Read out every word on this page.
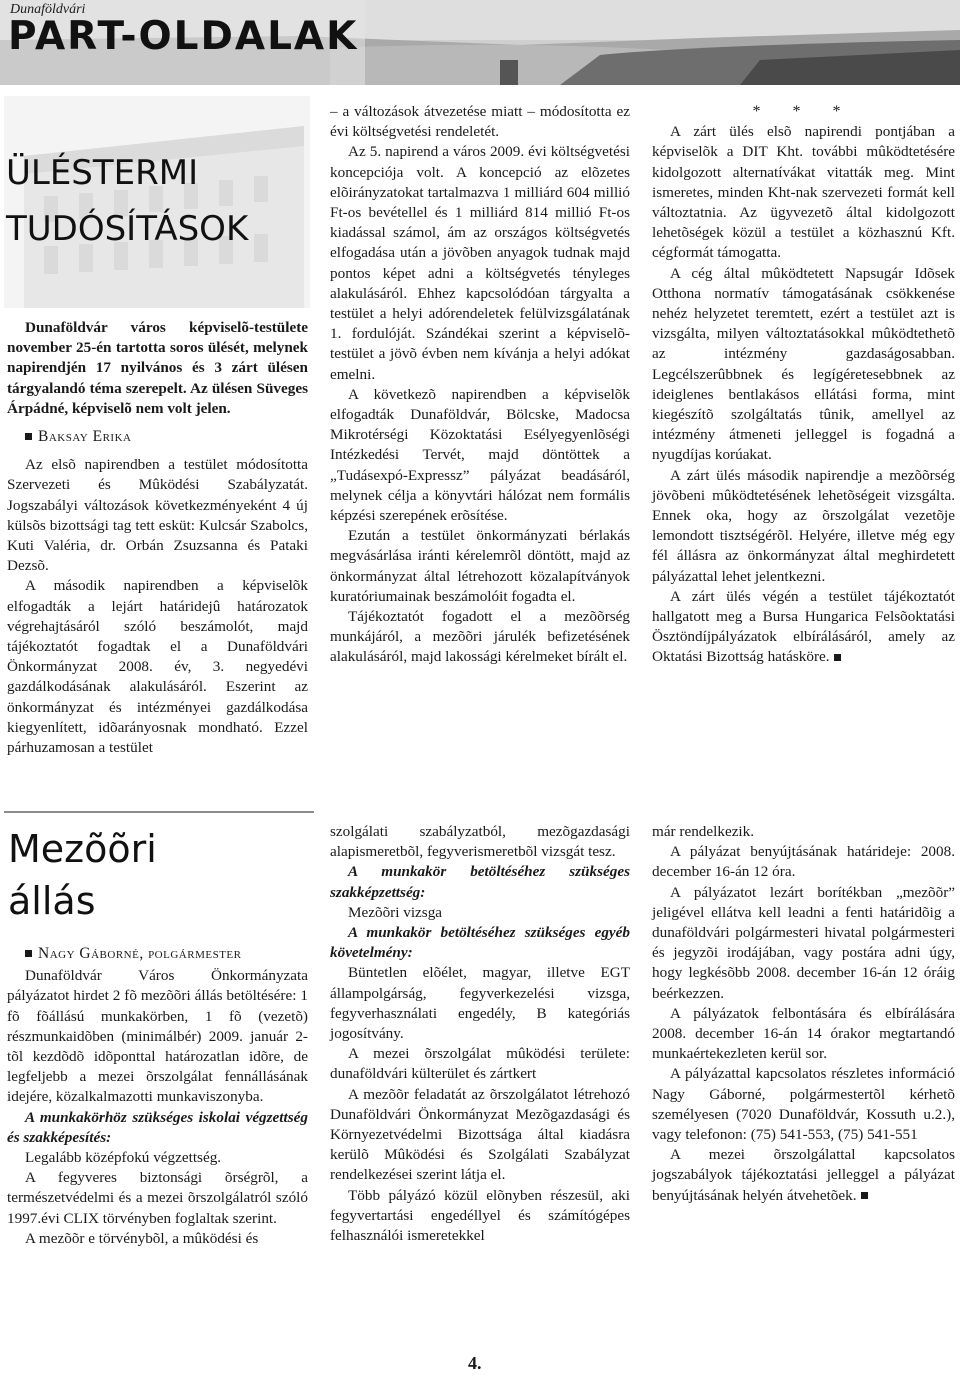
Dunaföldvári
PART-OLDALAK
ÜLÉSTERMI
TUDÓSÍTÁSOK

Dunaföldvár város képviselõ-testülete november 25-én tartotta soros ülését, melynek napirendjén 17 nyilvános és 3 zárt ülésen tárgyalandó téma szerepelt. Az ülésen Süveges Árpádné, képviselõ nem volt jelen.

Baksay Erika

Az elsõ napirendben a testület módosította Szervezeti és Mûködési Szabályzatát. Jogszabályi változások következményeként 4 új külsõs bizottsági tag tett esküt: Kulcsár Szabolcs, Kuti Valéria, dr. Orbán Zsuzsanna és Pataki Dezsõ.

A második napirendben a képviselõk elfogadták a lejárt határidejû határozatok végrehajtásáról szóló beszámolót, majd tájékoztatót fogadtak el a Dunaföldvári Önkormányzat 2008. év, 3. negyedévi gazdálkodásának alakulásáról. Eszerint az önkormányzat és intézményei gazdálkodása kiegyenlített, idõarányosnak mondható. Ezzel párhuzamosan a testület

– a változások átvezetése miatt – módosította ez évi költségvetési rendeletét.

Az 5. napirend a város 2009. évi költségvetési koncepciója volt. A koncepció az elõzetes elõirányzatokat tartalmazva 1 milliárd 604 millió Ft-os bevétellel és 1 milliárd 814 millió Ft-os kiadással számol, ám az országos költségvetés elfogadása után a jövõben anyagok tudnak majd pontos képet adni a költségvetés tényleges alakulásáról. Ehhez kapcsolódóan tárgyalta a testület a helyi adórendeletek felülvizsgálatának 1. fordulóját. Szándékai szerint a képviselõ-testület a jövõ évben nem kívánja a helyi adókat emelni.

A következõ napirendben a képviselõk elfogadták Dunaföldvár, Bölcske, Madocsa Mikrotérségi Közoktatási Esélyegyenlõségi Intézkedési Tervét, majd döntöttek a „Tudásexpó-Expressz” pályázat beadásáról, melynek célja a könyvtári hálózat nem formális képzési szerepének erõsítése.

Ezután a testület önkormányzati bérlakás megvásárlása iránti kérelemrõl döntött, majd az önkormányzat által létrehozott közalapítványok kuratóriumainak beszámolóit fogadta el.

Tájékoztatót fogadott el a mezõõrség munkájáról, a mezõõri járulék befizetésének alakulásáról, majd lakossági kérelmeket bírált el.

* * *

A zárt ülés elsõ napirendi pontjában a képviselõk a DIT Kht. további mûködtetésére kidolgozott alternatívákat vitatták meg. Mint ismeretes, minden Kht-nak szervezeti formát kell változtatnia. Az ügyvezetõ által kidolgozott lehetõségek közül a testület a közhasznú Kft. cégformát támogatta.

A cég által mûködtetett Napsugár Idõsek Otthona normatív támogatásának csökkenése nehéz helyzetet teremtett, ezért a testület azt is vizsgálta, milyen változtatásokkal mûködtethetõ az intézmény gazdaságosabban. Legcélszerûbbnek és legígéretesebbnek az ideiglenes bentlakásos ellátási forma, mint kiegészítõ szolgáltatás tûnik, amellyel az intézmény átmeneti jelleggel is fogadná a nyugdíjas korúakat.

A zárt ülés második napirendje a mezõõrség jövõbeni mûködtetésének lehetõségeit vizsgálta. Ennek oka, hogy az õrszolgálat vezetõje lemondott tisztségérõl. Helyére, illetve még egy fél állásra az önkormányzat által meghirdetett pályázattal lehet jelentkezni.

A zárt ülés végén a testület tájékoztatót hallgatott meg a Bursa Hungarica Felsõoktatási Ösztöndíjpályázatok elbírálásáról, amely az Oktatási Bizottság hatásköre.

Mezõõri
állás

Nagy Gáborné, polgármester

Dunaföldvár Város Önkormányzata pályázatot hirdet 2 fõ mezõõri állás betöltésére: 1 fõ fõállású munkakörben, 1 fõ (vezetõ) részmunkaidõben (minimálbér) 2009. január 2-tõl kezdõdõ idõponttal határozatlan idõre, de legfeljebb a mezei õrszolgálat fennállásának idejére, közalkalmazotti munkaviszonyba.

A munkakörhöz szükséges iskolai végzettség és szakképesítés:

Legalább középfokú végzettség.

A fegyveres biztonsági õrségrõl, a természetvédelmi és a mezei õrszolgálatról szóló 1997.évi CLIX törvényben foglaltak szerint.

A mezõõr e törvénybõl, a mûködési és

szolgálati szabályzatból, mezõgazdasági alapismeretbõl, fegyverismeretbõl vizsgát tesz.

A munkakör betöltéséhez szükséges szakképzettség:

Mezõõri vizsga

A munkakör betöltéséhez szükséges egyéb követelmény:

Büntetlen elõélet, magyar, illetve EGT állampolgárság, fegyverkezelési vizsga, fegyverhasználati engedély, B kategóriás jogosítvány.

A mezei õrszolgálat mûködési területe: dunaföldvári külterület és zártkert

A mezõõr feladatát az õrszolgálatot létrehozó Dunaföldvári Önkormányzat Mezõgazdasági és Környezetvédelmi Bizottsága által kiadásra kerülõ Mûködési és Szolgálati Szabályzat rendelkezései szerint látja el.

Több pályázó közül elõnyben részesül, aki fegyvertartási engedéllyel és számítógépes felhasználói ismeretekkel

már rendelkezik.

A pályázat benyújtásának határideje: 2008. december 16-án 12 óra.

A pályázatot lezárt borítékban „mezõõr” jeligével ellátva kell leadni a fenti határidõig a dunaföldvári polgármesteri hivatal polgármesteri és jegyzõi irodájában, vagy postára adni úgy, hogy legkésõbb 2008. december 16-án 12 óráig beérkezzen.

A pályázatok felbontására és elbírálására 2008. december 16-án 14 órakor megtartandó munkaértekezleten kerül sor.

A pályázattal kapcsolatos részletes információ Nagy Gáborné, polgármestertõl kérhetõ személyesen (7020 Dunaföldvár, Kossuth u.2.), vagy telefonon: (75) 541-553, (75) 541-551

A mezei õrszolgálattal kapcsolatos jogszabályok tájékoztatási jelleggel a pályázat benyújtásának helyén átvehetõek.

4.
